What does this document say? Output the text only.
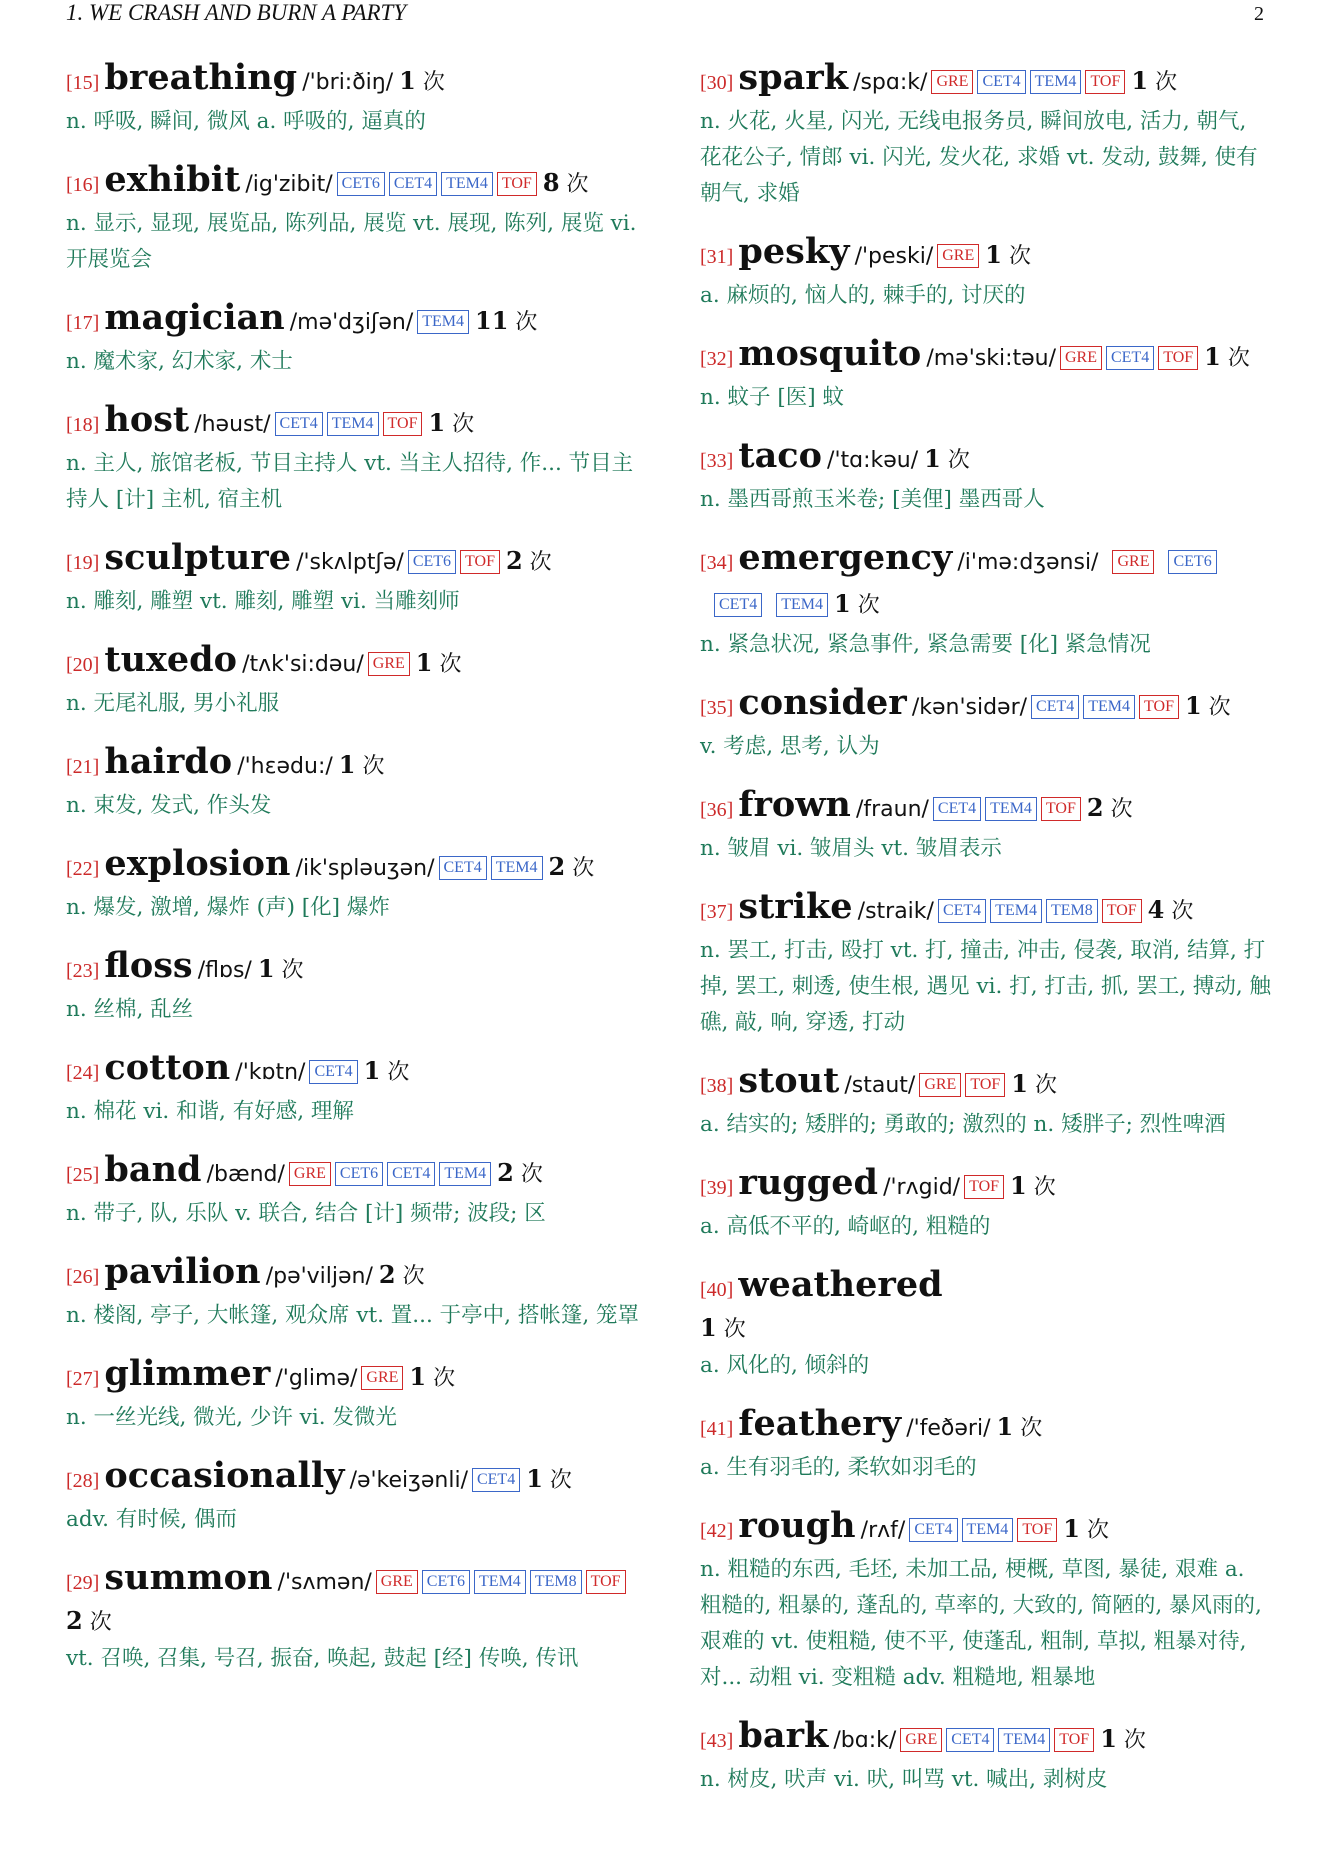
1. WE CRASH AND BURN A PARTY	2
[15] breathing /'bri:ðiŋ/ 1 次
n. 呼吸, 瞬间, 微风 a. 呼吸的, 逼真的
[16] exhibit /ig'zibit/ CET6 CET4 TEM4 TOF 8 次
n. 显示, 显现, 展览品, 陈列品, 展览 vt. 展现, 陈列, 展览 vi. 开展览会
[17] magician /mə'dʒiʃən/ TEM4 11 次
n. 魔术家, 幻术家, 术士
[18] host /həust/ CET4 TEM4 TOF 1 次
n. 主人, 旅馆老板, 节目主持人 vt. 当主人招待, 作... 节目主持人 [计] 主机, 宿主机
[19] sculpture /'skʌlptʃə/ CET6 TOF 2 次
n. 雕刻, 雕塑 vt. 雕刻, 雕塑 vi. 当雕刻师
[20] tuxedo /tʌk'si:dəu/ GRE 1 次
n. 无尾礼服, 男小礼服
[21] hairdo /'hεədu:/ 1 次
n. 束发, 发式, 作头发
[22] explosion /ik'spləuʒən/ CET4 TEM4 2 次
n. 爆发, 激增, 爆炸 (声) [化] 爆炸
[23] floss /flɒs/ 1 次
n. 丝棉, 乱丝
[24] cotton /'kɒtn/ CET4 1 次
n. 棉花 vi. 和谐, 有好感, 理解
[25] band /bænd/ GRE CET6 CET4 TEM4 2 次
n. 带子, 队, 乐队 v. 联合, 结合 [计] 频带; 波段; 区
[26] pavilion /pə'viljən/ 2 次
n. 楼阁, 亭子, 大帐篷, 观众席 vt. 置... 于亭中, 搭帐篷, 笼罩
[27] glimmer /'glimə/ GRE 1 次
n. 一丝光线, 微光, 少许 vi. 发微光
[28] occasionally /ə'keiʒənli/ CET4 1 次
adv. 有时候, 偶而
[29] summon /'sʌmən/ GRE CET6 TEM4 TEM8 TOF
2 次
vt. 召唤, 召集, 号召, 振奋, 唤起, 鼓起 [经] 传唤, 传讯
[30] spark /spɑ:k/ GRE CET4 TEM4 TOF 1 次
n. 火花, 火星, 闪光, 无线电报务员, 瞬间放电, 活力, 朝气, 花花公子, 情郎 vi. 闪光, 发火花, 求婚 vt. 发动, 鼓舞, 使有朝气, 求婚
[31] pesky /'peski/ GRE 1 次
a. 麻烦的, 恼人的, 棘手的, 讨厌的
[32] mosquito /mə'ski:təu/ GRE CET4 TOF 1 次
n. 蚊子 [医] 蚊
[33] taco /'tɑ:kəu/ 1 次
n. 墨西哥煎玉米卷; [美俚] 墨西哥人
[34] emergency /i'mə:dʒənsi/ GRE CET6CET4 TEM4 1 次
n. 紧急状况, 紧急事件, 紧急需要 [化] 紧急情况
[35] consider /kən'sidər/ CET4 TEM4 TOF 1 次
v. 考虑, 思考, 认为
[36] frown /fraun/ CET4 TEM4 TOF 2 次
n. 皱眉 vi. 皱眉头 vt. 皱眉表示
[37] strike /straik/ CET4 TEM4 TEM8 TOF 4 次
n. 罢工, 打击, 殴打 vt. 打, 撞击, 冲击, 侵袭, 取消, 结算, 打掉, 罢工, 刺透, 使生根, 遇见 vi. 打, 打击, 抓, 罢工, 搏动, 触礁, 敲, 响, 穿透, 打动
[38] stout /staut/ GRE TOF 1 次
a. 结实的; 矮胖的; 勇敢的; 激烈的 n. 矮胖子; 烈性啤酒
[39] rugged /'rʌgid/ TOF 1 次
a. 高低不平的, 崎岖的, 粗糙的
[40] weathered
1 次
a. 风化的, 倾斜的
[41] feathery /'feðəri/ 1 次
a. 生有羽毛的, 柔软如羽毛的
[42] rough /rʌf/ CET4 TEM4 TOF 1 次
n. 粗糙的东西, 毛坯, 未加工品, 梗概, 草图, 暴徒, 艰难 a. 粗糙的, 粗暴的, 蓬乱的, 草率的, 大致的, 简陋的, 暴风雨的, 艰难的 vt. 使粗糙, 使不平, 使蓬乱, 粗制, 草拟, 粗暴对待, 对... 动粗 vi. 变粗糙 adv. 粗糙地, 粗暴地
[43] bark /bɑ:k/ GRE CET4 TEM4 TOF 1 次
n. 树皮, 吠声 vi. 吠, 叫骂 vt. 喊出, 剥树皮
